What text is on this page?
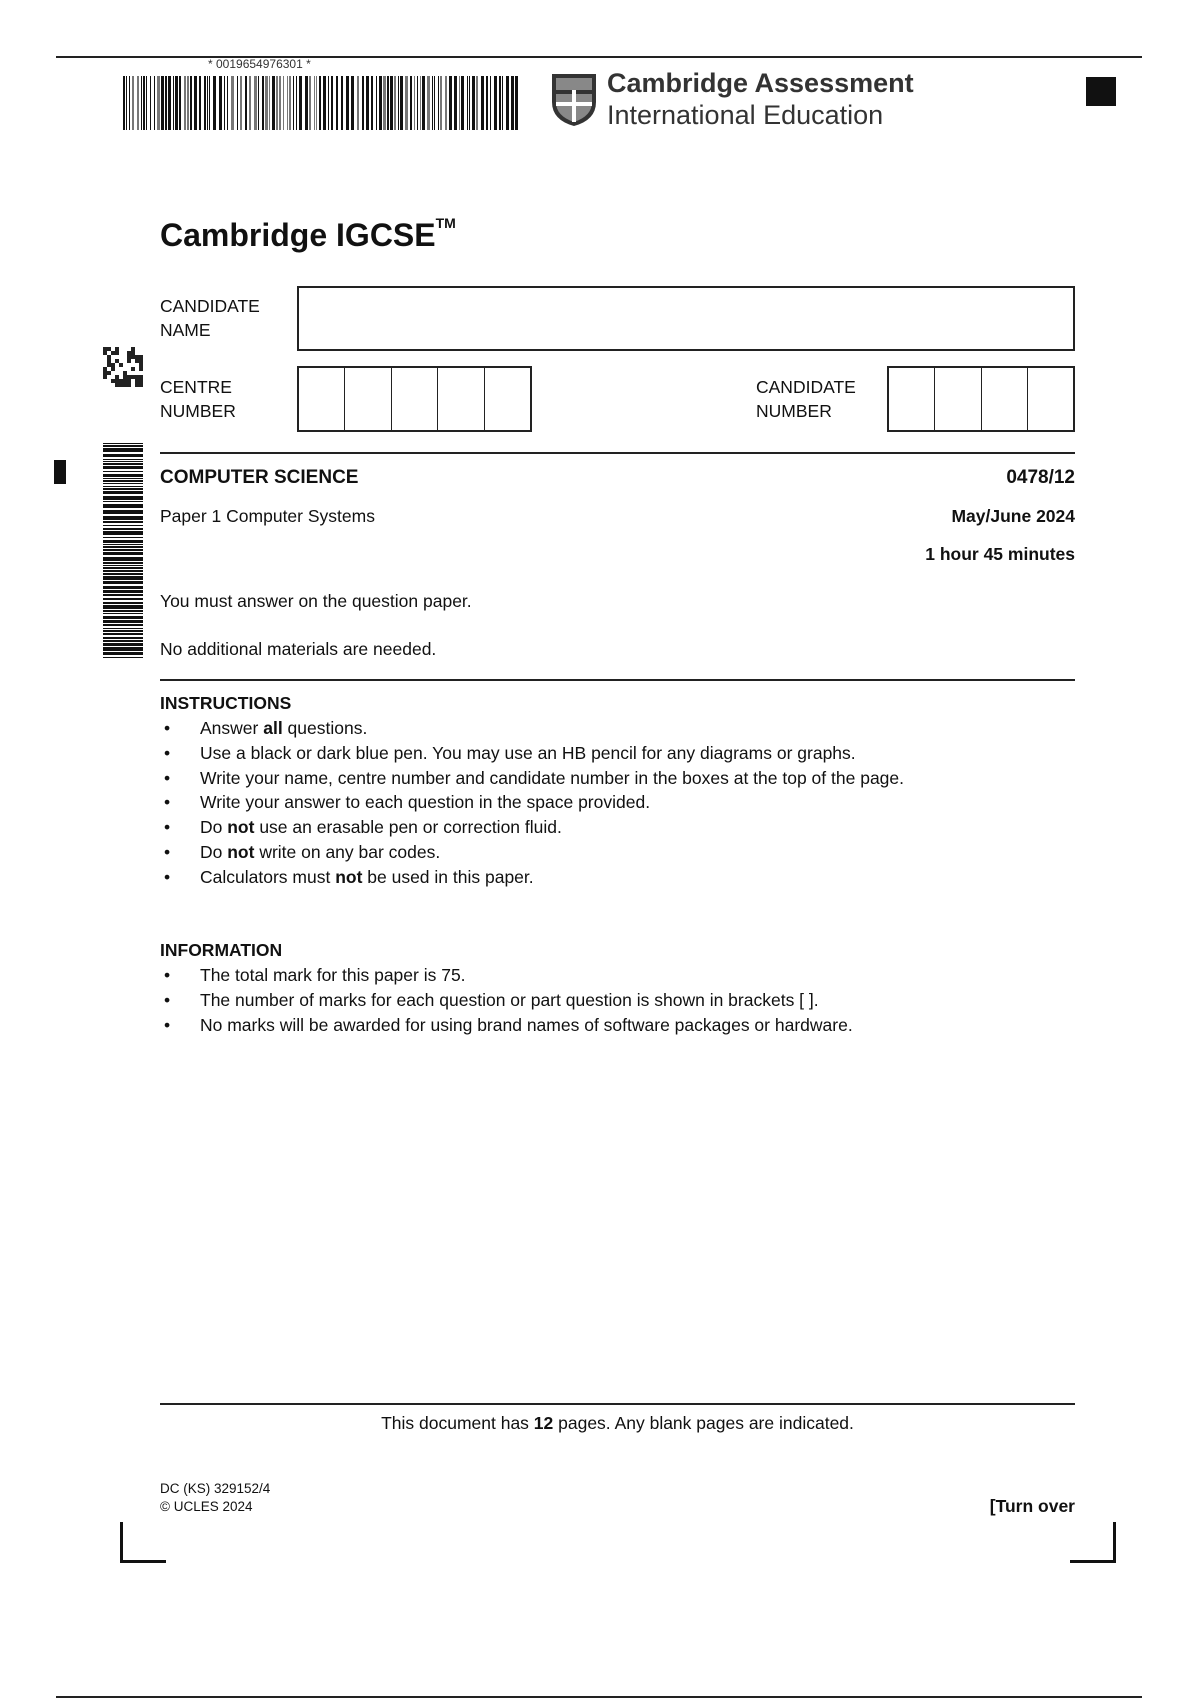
* 0019654976301 *
Cambridge Assessment
International Education
Cambridge IGCSE™
CANDIDATE
NAME
CENTRE
NUMBER
CANDIDATE
NUMBER
COMPUTER SCIENCE	0478/12
Paper 1 Computer Systems	May/June 2024
1 hour 45 minutes
You must answer on the question paper.
No additional materials are needed.
INSTRUCTIONS
• Answer all questions.
• Use a black or dark blue pen. You may use an HB pencil for any diagrams or graphs.
• Write your name, centre number and candidate number in the boxes at the top of the page.
• Write your answer to each question in the space provided.
• Do not use an erasable pen or correction fluid.
• Do not write on any bar codes.
• Calculators must not be used in this paper.
INFORMATION
• The total mark for this paper is 75.
• The number of marks for each question or part question is shown in brackets [ ].
• No marks will be awarded for using brand names of software packages or hardware.
This document has 12 pages. Any blank pages are indicated.
DC (KS) 329152/4
© UCLES 2024	[Turn over
